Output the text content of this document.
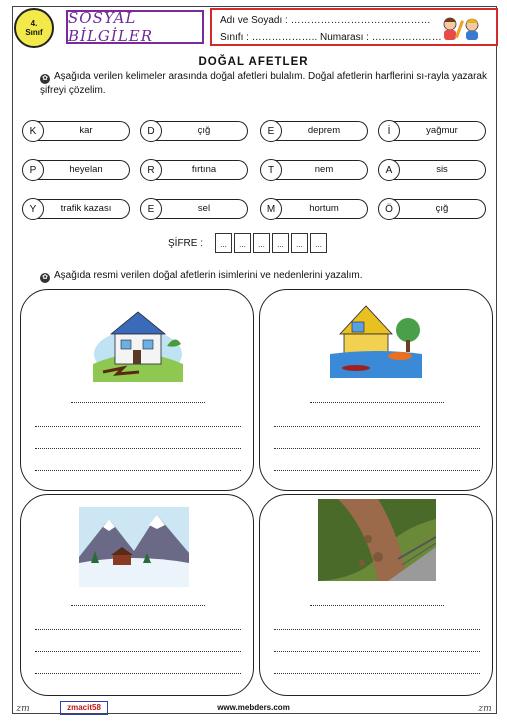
4.
Sınıf
SOSYAL BİLGİLER
Adı ve Soyadı : ……………………………………
Sınıfı : ……………….. Numarası : …………………
DOĞAL AFETLER
✿ Aşağıda verilen kelimeler arasında doğal afetleri bulalım. Doğal afetlerin harflerini sı-rayla yazarak şifreyi çözelim.
K	kar	D	çığ	E	deprem	İ	yağmur
P	heyelan	R	fırtına	T	nem	A	sis
Y	trafik kazası	E	sel	M	hortum	Ö	çığ
ŞİFRE :	...	...	...	...	...	...
✿ Aşağıda resmi verilen doğal afetlerin isimlerini ve nedenlerini yazalım.
zm	zmacit58	www.mebders.com	zm
